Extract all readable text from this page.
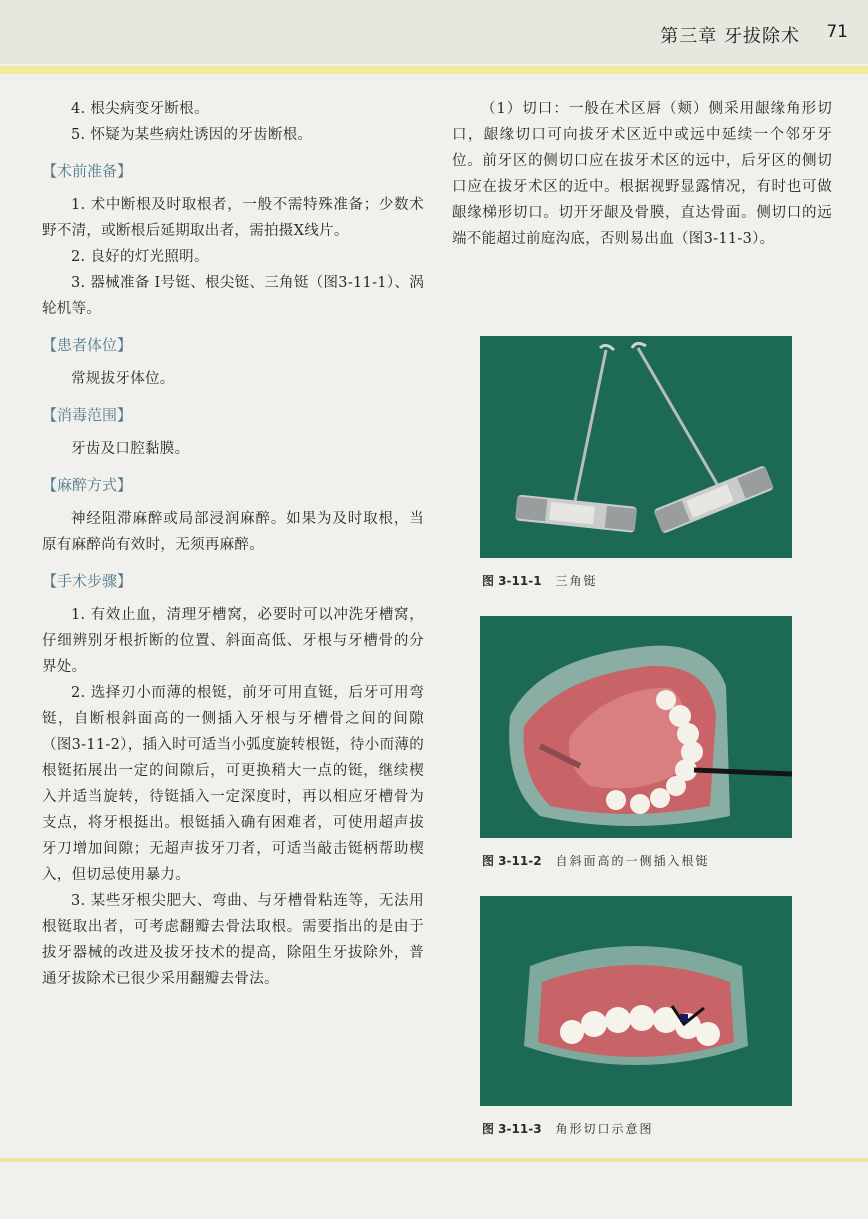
第三章 牙拔除术 71

4. 根尖病变牙断根。

5. 怀疑为某些病灶诱因的牙齿断根。

【术前准备】

1. 术中断根及时取根者，一般不需特殊准备；少数术野不清，或断根后延期取出者，需拍摄X线片。

2. 良好的灯光照明。

3. 器械准备 Ⅰ号铤、根尖铤、三角铤（图3-11-1）、涡轮机等。

【患者体位】

常规拔牙体位。

【消毒范围】

牙齿及口腔黏膜。

【麻醉方式】

神经阻滞麻醉或局部浸润麻醉。如果为及时取根，当原有麻醉尚有效时，无须再麻醉。

【手术步骤】

1. 有效止血，清理牙槽窝，必要时可以冲洗牙槽窝，仔细辨别牙根折断的位置、斜面高低、牙根与牙槽骨的分界处。

2. 选择刃小而薄的根铤，前牙可用直铤，后牙可用弯铤，自断根斜面高的一侧插入牙根与牙槽骨之间的间隙（图3-11-2），插入时可适当小弧度旋转根铤，待小而薄的根铤拓展出一定的间隙后，可更换稍大一点的铤，继续楔入并适当旋转，待铤插入一定深度时，再以相应牙槽骨为支点，将牙根挺出。根铤插入确有困难者，可使用超声拔牙刀增加间隙；无超声拔牙刀者，可适当敲击铤柄帮助楔入，但切忌使用暴力。

3. 某些牙根尖肥大、弯曲、与牙槽骨粘连等，无法用根铤取出者，可考虑翻瓣去骨法取根。需要指出的是由于拔牙器械的改进及拔牙技术的提高，除阻生牙拔除外，普通牙拔除术已很少采用翻瓣去骨法。

（1）切口：一般在术区唇（颊）侧采用龈缘角形切口，龈缘切口可向拔牙术区近中或远中延续一个邻牙牙位。前牙区的侧切口应在拔牙术区的远中，后牙区的侧切口应在拔牙术区的近中。根据视野显露情况，有时也可做龈缘梯形切口。切开牙龈及骨膜，直达骨面。侧切口的远端不能超过前庭沟底，否则易出血（图3-11-3）。

图 3-11-1 三角铤
图 3-11-2 自斜面高的一侧插入根铤
图 3-11-3 角形切口示意图
